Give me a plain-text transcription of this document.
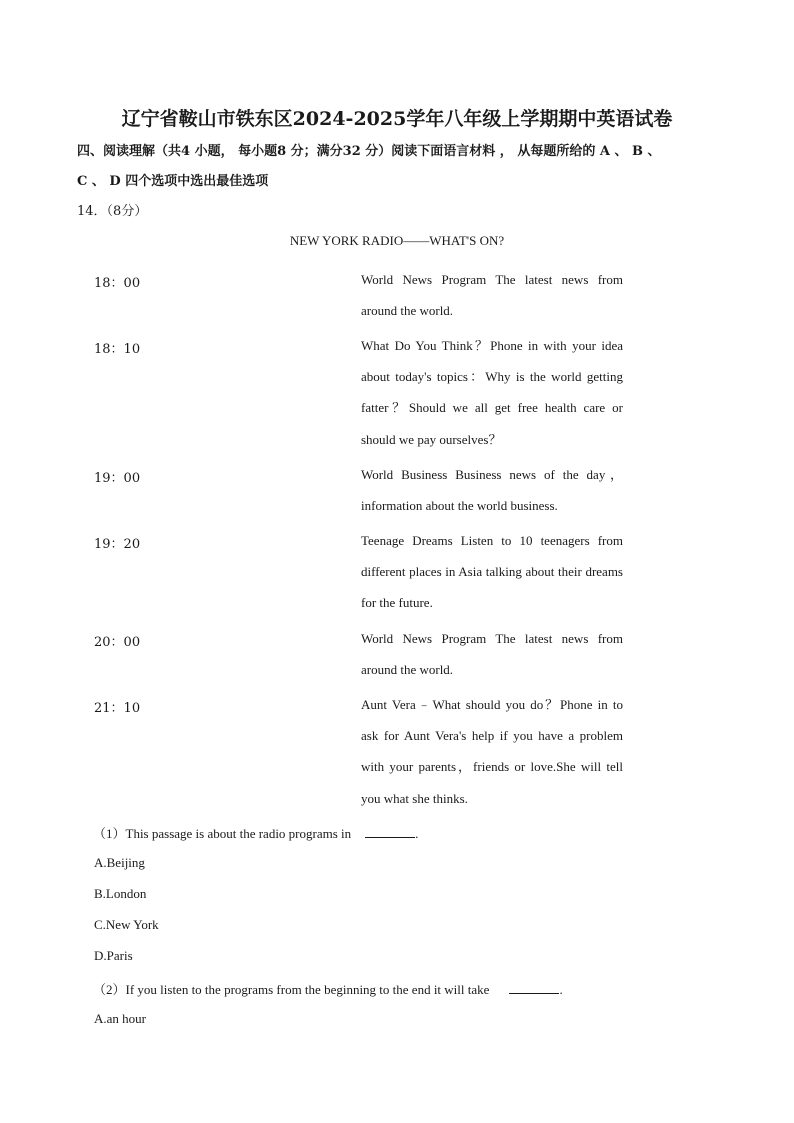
辽宁省鞍山市铁东区2024-2025学年八年级上学期期中英语试卷
四、阅读理解（共4 小题， 每小题8 分；满分32 分）阅读下面语言材料 ， 从每题所给的 A 、 B 、
C 、 D 四个选项中选出最佳选项
14．（8分）
NEW YORK RADIO——WHAT'S ON?
18：00	World News Program The latest news from around the world.
18：10	What Do You Think？Phone in with your idea about today's topics：Why is the world getting fatter？Should we all get free health care or should we pay ourselves？
19：00	World Business Business news of the day，information about the world business.
19：20	Teenage Dreams Listen to 10 teenagers from different places in Asia talking about their dreams for the future.
20：00	World News Program The latest news from around the world.
21：10	Aunt Vera﹣What should you do？Phone in to ask for Aunt Vera's help if you have a problem with your parents，friends or love.She will tell you what she thinks.
（1）This passage is about the radio programs in	.
A.Beijing
B.London
C.New York
D.Paris
（2）If you listen to the programs from the beginning to the end it will take	.
A.an hour
